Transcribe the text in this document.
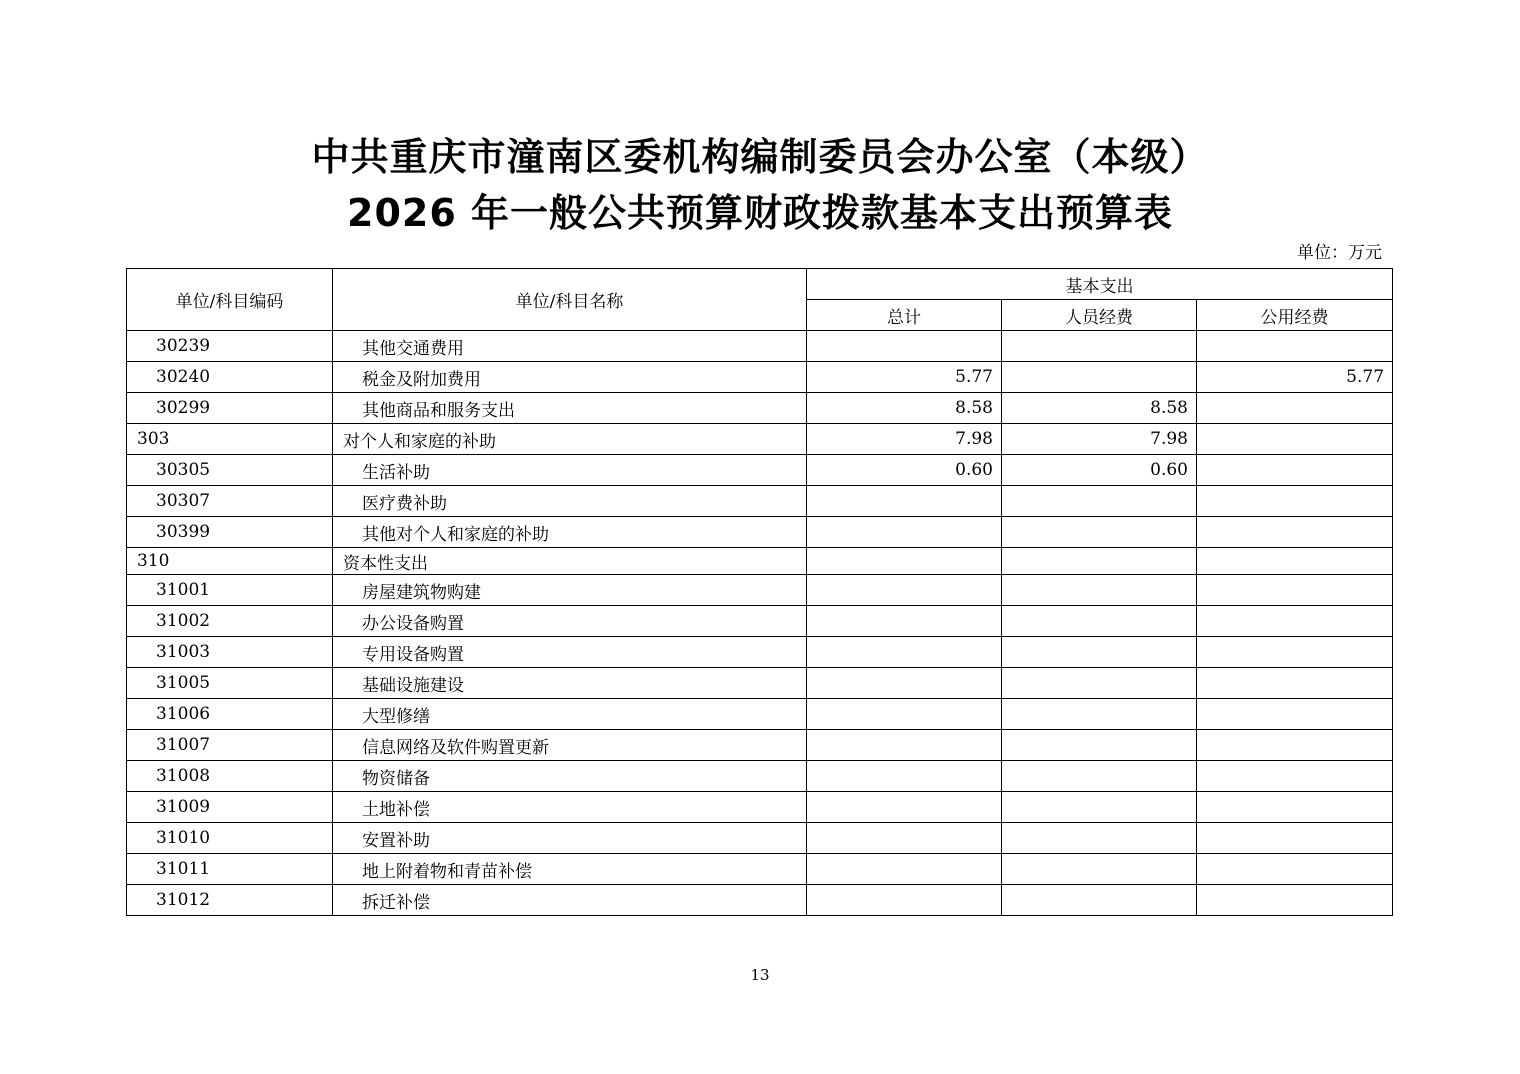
中共重庆市潼南区委机构编制委员会办公室（本级）
2026 年一般公共预算财政拨款基本支出预算表
单位：万元
单位/科目编码	单位/科目名称	基本支出		
		总计	人员经费	公用经费
30239	其他交通费用			
30240	税金及附加费用	5.77		5.77
30299	其他商品和服务支出	8.58	8.58	
303	对个人和家庭的补助	7.98	7.98	
30305	生活补助	0.60	0.60	
30307	医疗费补助			
30399	其他对个人和家庭的补助			
310	资本性支出			
31001	房屋建筑物购建			
31002	办公设备购置			
31003	专用设备购置			
31005	基础设施建设			
31006	大型修缮			
31007	信息网络及软件购置更新			
31008	物资储备			
31009	土地补偿			
31010	安置补助			
31011	地上附着物和青苗补偿			
31012	拆迁补偿			
13
